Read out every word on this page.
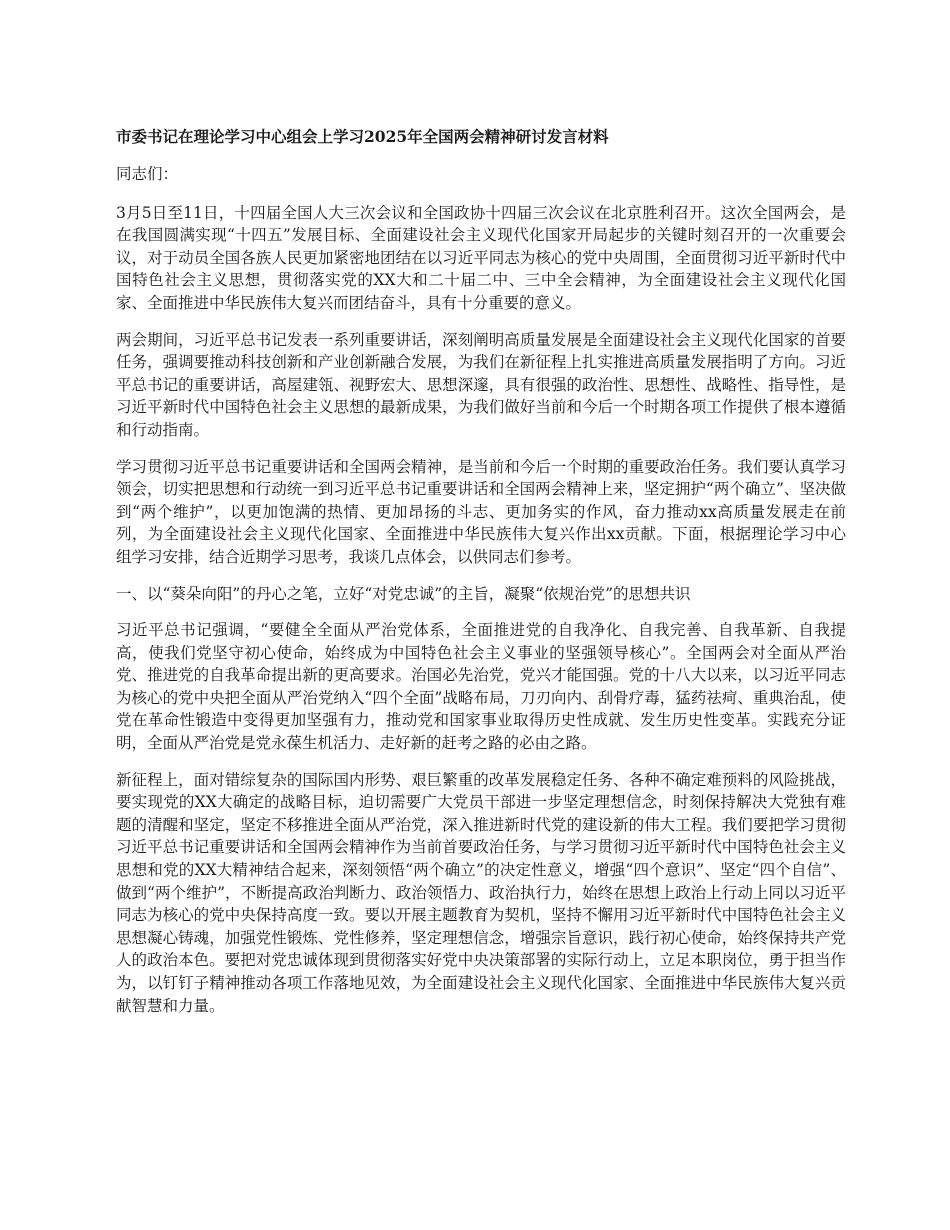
市委书记在理论学习中心组会上学习2025年全国两会精神研讨发言材料
同志们：
3月5日至11日，十四届全国人大三次会议和全国政协十四届三次会议在北京胜利召开。这次全国两会，是在我国圆满实现“十四五”发展目标、全面建设社会主义现代化国家开局起步的关键时刻召开的一次重要会议，对于动员全国各族人民更加紧密地团结在以习近平同志为核心的党中央周围，全面贯彻习近平新时代中国特色社会主义思想，贯彻落实党的XX大和二十届二中、三中全会精神，为全面建设社会主义现代化国家、全面推进中华民族伟大复兴而团结奋斗，具有十分重要的意义。
两会期间，习近平总书记发表一系列重要讲话，深刻阐明高质量发展是全面建设社会主义现代化国家的首要任务，强调要推动科技创新和产业创新融合发展，为我们在新征程上扎实推进高质量发展指明了方向。习近平总书记的重要讲话，高屋建瓴、视野宏大、思想深邃，具有很强的政治性、思想性、战略性、指导性，是习近平新时代中国特色社会主义思想的最新成果，为我们做好当前和今后一个时期各项工作提供了根本遵循和行动指南。
学习贯彻习近平总书记重要讲话和全国两会精神，是当前和今后一个时期的重要政治任务。我们要认真学习领会，切实把思想和行动统一到习近平总书记重要讲话和全国两会精神上来，坚定拥护“两个确立”、坚决做到“两个维护”，以更加饱满的热情、更加昂扬的斗志、更加务实的作风，奋力推动xx高质量发展走在前列，为全面建设社会主义现代化国家、全面推进中华民族伟大复兴作出xx贡献。下面，根据理论学习中心组学习安排，结合近期学习思考，我谈几点体会，以供同志们参考。
一、以“葵朵向阳”的丹心之笔，立好“对党忠诚”的主旨，凝聚“依规治党”的思想共识
习近平总书记强调，“要健全全面从严治党体系，全面推进党的自我净化、自我完善、自我革新、自我提高，使我们党坚守初心使命，始终成为中国特色社会主义事业的坚强领导核心”。全国两会对全面从严治党、推进党的自我革命提出新的更高要求。治国必先治党，党兴才能国强。党的十八大以来，以习近平同志为核心的党中央把全面从严治党纳入“四个全面”战略布局，刀刃向内、刮骨疗毒，猛药祛疴、重典治乱，使党在革命性锻造中变得更加坚强有力，推动党和国家事业取得历史性成就、发生历史性变革。实践充分证明，全面从严治党是党永葆生机活力、走好新的赶考之路的必由之路。
新征程上，面对错综复杂的国际国内形势、艰巨繁重的改革发展稳定任务、各种不确定难预料的风险挑战，要实现党的XX大确定的战略目标，迫切需要广大党员干部进一步坚定理想信念，时刻保持解决大党独有难题的清醒和坚定，坚定不移推进全面从严治党，深入推进新时代党的建设新的伟大工程。我们要把学习贯彻习近平总书记重要讲话和全国两会精神作为当前首要政治任务，与学习贯彻习近平新时代中国特色社会主义思想和党的XX大精神结合起来，深刻领悟“两个确立”的决定性意义，增强“四个意识”、坚定“四个自信”、做到“两个维护”，不断提高政治判断力、政治领悟力、政治执行力，始终在思想上政治上行动上同以习近平同志为核心的党中央保持高度一致。要以开展主题教育为契机，坚持不懈用习近平新时代中国特色社会主义思想凝心铸魂，加强党性锻炼、党性修养，坚定理想信念，增强宗旨意识，践行初心使命，始终保持共产党人的政治本色。要把对党忠诚体现到贯彻落实好党中央决策部署的实际行动上，立足本职岗位，勇于担当作为，以钉钉子精神推动各项工作落地见效，为全面建设社会主义现代化国家、全面推进中华民族伟大复兴贡献智慧和力量。
